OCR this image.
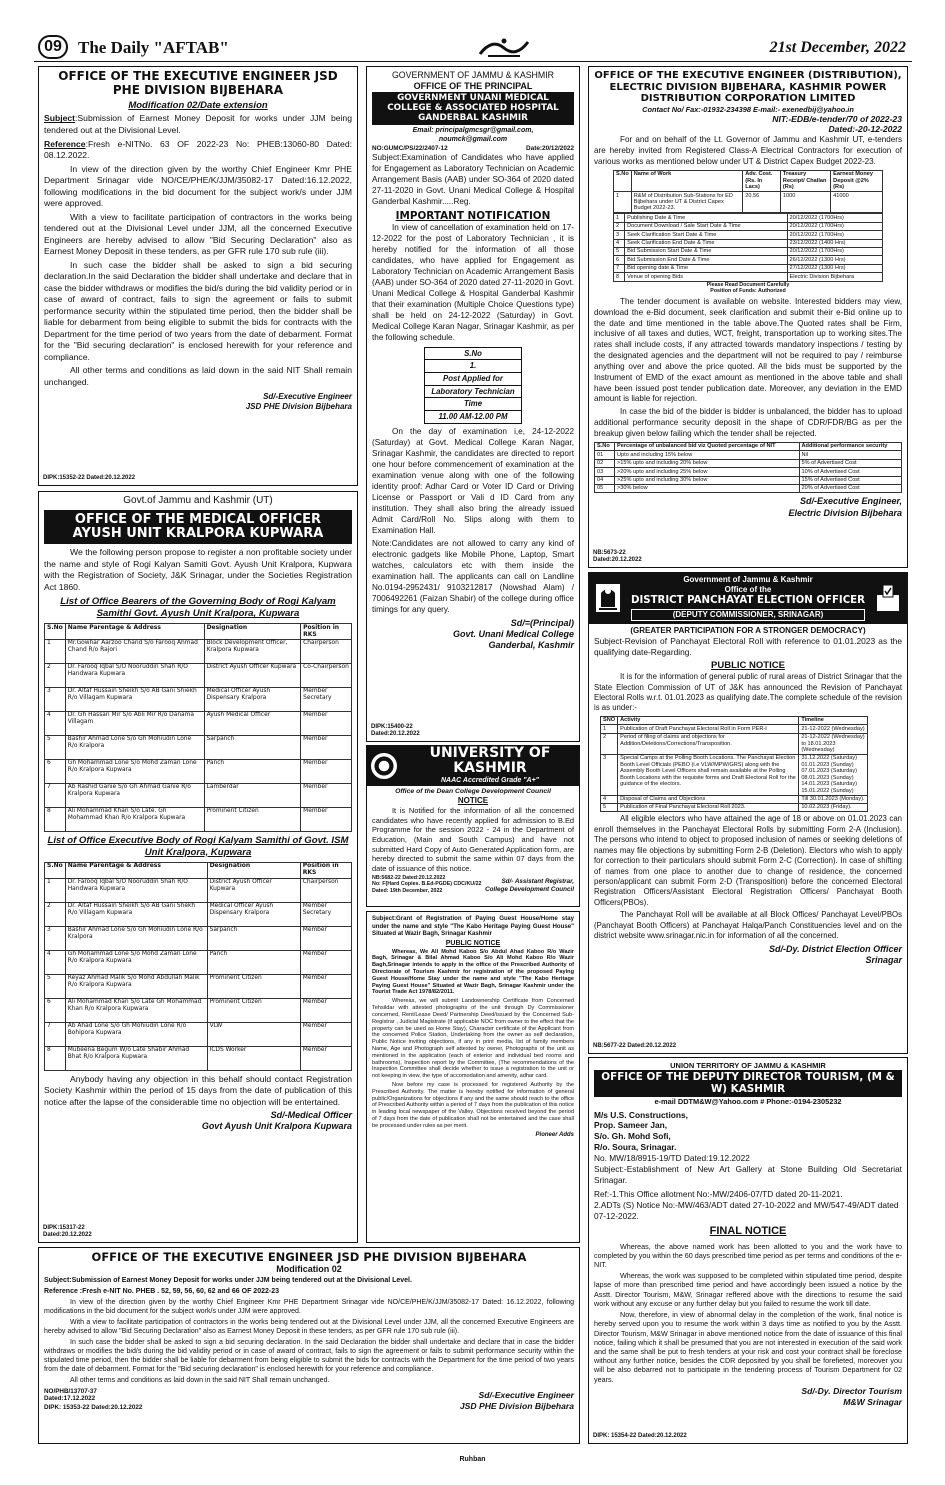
09 The Daily "AFTAB"	21st December, 2022
OFFICE OF THE EXECUTIVE ENGINEER JSD PHE DIVISION BIJBEHARA
Modification 02/Date extension

Subject:Submission of Earnest Money Deposit for works under JJM being tendered out at the Divisional Level.

Reference:Fresh e-NITNo. 63 OF 2022-23 No: PHEB:13060-80 Dated: 08.12.2022.

In view of the direction given by the worthy Chief Engineer Kmr PHE Department Srinagar vide NO/CE/PHE/K/JJM/35082-17 Dated:16.12.2022, following modifications in the bid document for the subject work/s under JJM were approved.

With a view to facilitate participation of contractors in the works being tendered out at the Divisional Level under JJM, all the concerned Executive Engineers are hereby advised to allow "Bid Securing Declaration" also as Earnest Money Deposit in these tenders, as per GFR rule 170 sub rule (iii).

In such case the bidder shall be asked to sign a bid securing declaration.In the said Declaration the bidder shall undertake and declare that in case the bidder withdraws or modifies the bid/s during the bid validity period or in case of award of contract, fails to sign the agreement or fails to submit performance security within the stipulated time period, then the bidder shall be liable for debarment from being eligible to submit the bids for contracts with the Department for the time period of two years from the date of debarment. Format for the "Bid securing declaration" is enclosed herewith for your reference and compliance.

All other terms and conditions as laid down in the said NIT Shall remain unchanged.

Sd/-Executive Engineer
JSD PHE Division Bijbehara
DIPK:15352-22 Dated:20.12.2022
Govt.of Jammu and Kashmir (UT)
OFFICE OF THE MEDICAL OFFICER AYUSH UNIT KRALPORA KUPWARA

We the following person propose to register a non profitable society under the name and style of Rogi Kalyan Samiti Govt. Ayush Unit Kralpora, Kupwara with the Registration of Society, J&K Srinagar, under the Societies Registration Act 1860.

List of Office Bearers of the Governing Body of Rogi Kalyam Samithi Govt. Ayush Unit Kralpora, Kupwara
S.No	Name Parentage & Address	Designation	Position in RKS
1	Mr.Gowhar Aarzoo Chand S/o Farooq Ahmad Chand R/o Rajori	Block Development Officer, Kralpora Kupwara	Chairperson
2	Dr. Farooq Iqbal S/O Nooruddin Shah R/O Handwara Kupwara	District Ayush Officer Kupwara	Co-Chairperson
3	Dr. Altaf Hussain Sheikh S/o AB Gani Shiekh R/o Villagam Kupwara	Medical Officer Ayush Dispensary Kralpora	Member Secretary
4	Dr. Gh Hassan Mir S/o Abli Mir R/o Danama Villagam	Ayush Medical Officer	Member
5	Bashir Ahmad Lone S/o Gh Mohiudin Lone R/o Kralpora	Sarpanch	Member
6	Gh Mohammad Lone S/o Mohd Zaman Lone R/o Kralpora Kupwara	Panch	Member
7	Ab Rashid Ganie S/o Gh Ahmad Ganie R/o Kralpora Kupwara	Lamberdar	Member
8	Ali Mohammad Khan S/o Late. Gh Mohammad Khan R/o Kralpora Kupwara	Prominent Citizen	Member
List of Office Executive Body of Rogi Kalyam Samithi of Govt. ISM Unit Kralpora, Kupwara
S.No	Name Parentage & Address	Designation	Position in RKS
1	Dr. Farooq Iqbal S/O Nooruddin Shah R/O Handwara Kupwara	District Ayush Officer Kupwara	Chairperson
2	Dr. Altaf Hussain Sheikh S/o AB Gani Shekh R/o Villagam Kupwara	Medical Officer Ayush Dispensary Kralpora	Member Secretary
3	Bashir Ahmad Lone S/o Gh Mohiudin Lone R/o Kralpora	Sarpanch	Member
4	Gh Mohammad Lone S/o Mohd Zaman Lone R/o Kralpora Kupwara	Panch	Member
5	Reyaz Ahmad Malik S/o Mohd Abdullah Malik R/o Kralpora Kupwara	Prominent Citizen	Member
6	Ali Mohammad Khan S/o Late Gh Mohammad Khan R/o Kralpora Kupwara	Prominent Citizen	Member
7	Ab Ahad Lone S/o Gh Mohiudin Lone R/o Bohipora Kupwara	VLW	Member
8	Mubeena Begum W/o Late Shabir Ahmad Bhat R/o Kralpora Kupwara	ICDS Worker	Member

Anybody having any objection in this behalf should contact Registration Society Kashmir within the period of 15 days from the date of publication of this notice after the lapse of the considerable time no objection will be entertained.

Sd/-Medical Officer
Govt Ayush Unit Kralpora Kupwara
DIPK:15317-22
Dated:20.12.2022
GOVERNMENT OF JAMMU & KASHMIR
OFFICE OF THE PRINCIPAL
GOVERNMENT UNANI MEDICAL COLLEGE & ASSOCIATED HOSPITAL GANDERBAL KASHMIR
Email: principalgmcsgr@gmail.com,
noumck@gmail.com
NO:GUMC/PS/22/2407-12	Date:20/12/2022

Subject:Examination of Candidates who have applied for Engagement as Laboratory Technician on Academic Arrangement Basis (AAB) under SO-364 of 2020 dated 27-11-2020 in Govt. Unani Medical College & Hospital Ganderbal Kashmir.....Reg.

IMPORTANT NOTIFICATION

In view of cancellation of examination held on 17-12-2022 for the post of Laboratory Technician , it is hereby notified for the information of all those candidates, who have applied for Engagement as Laboratory Technician on Academic Arrangement Basis (AAB) under SO-364 of 2020 dated 27-11-2020 in Govt. Unani Medical College & Hospital Ganderbal Kashmir that their examination (Multiple Choice Questions type) shall be held on 24-12-2022 (Saturday) in Govt. Medical College Karan Nagar, Srinagar Kashmir, as per the following schedule.

S.No
1.
Post Applied for
Laboratory Technician
Time
11.00 AM-12.00 PM

On the day of examination i,e, 24-12-2022 (Saturday) at Govt. Medical College Karan Nagar, Srinagar Kashmir, the candidates are directed to report one hour before commencement of examination at the examination venue along with one of the following identity proof: Adhar Card or Voter ID Card or Driving License or Passport or Vali d ID Card from any institution. They shall also bring the already issued Admit Card/Roll No. Slips along with them to Examination Hall.

Note:Candidates are not allowed to carry any kind of electronic gadgets like Mobile Phone, Laptop, Smart watches, calculators etc with them inside the examination hall. The applicants can call on Landline No.0194-2952431/ 9103212817 (Nowshad Alam) / 7006492261 (Faizan Shabir) of the college during office timings for any query.

Sd/=(Principal)
Govt. Unani Medical College
Ganderbal, Kashmir
DIPK:15400-22
Dated:20.12.2022
UNIVERSITY OF KASHMIR
NAAC Accredited Grade "A+"
Office of the Dean College Development Council
NOTICE

It is Notified for the information of all the concerned candidates who have recently applied for admission to B.Ed Programme for the session 2022 - 24 in the Department of Education, (Main and South Campus) and have not submitted Hard Copy of Auto Generated Application form, are hereby directed to submit the same within 07 days from the date of issuance of this notice.

NB:5682-22 Dated:20.12.2022
No: F(Hard Copies. B.Ed-PGDE) CDC/KU/22
Dated: 19th December, 2022
Sd/- Assistant Registrar,
College Development Council

Subject:Grant of Registration of Paying Guest House/Home stay under the name and style "The Kabo Heritage Paying Guest House" Situated at Wazir Bagh, Srinagar Kashmir

PUBLIC NOTICE

Whereas, We All Mohd Kaboo S/o Abdul Ahad Kaboo R/o Wazir Bagh, Srinagar & Bilal Ahmad Kaboo S/o Ali Mohd Kaboo R/o Wazir Bagh,Srinagar intends to apply in the office of the Prescribed Authority of Directorate of Tourism Kashmir for registration of the proposed Paying Guest House/Home Stay under the name and style "The Kabo Heritage Paying Guest House" Situated at Wazir Bagh, Srinagar Kashmir under the Tourist Trade Act 1978/82/2011.

Whereas, we will submit Landownership Certificate from Concerned Tehsildar with attested photographs of the unit through Dy Commissioner concerned, Rent/Lease Deed/ Partnership Deed/issued by the Concerned Sub-Registrar , Judicial Magistrate (if applicable NOC from owner to the effect that the property can be used as Home Stay), Character certificate of the Applicant from the concerned Police Station, Undertaking from the owner as self declaration, Public Notice inviting objections, if any in print media, list of family members Name, Age and Photograph self attested by owner, Photographs of the unit as mentioned in the application (each of exterior and individual bed rooms and bathrooms), Inspection report by the Committee, (The recommendations of the Inspection Committee shall decide whether to issue a registration to the unit or not keeping in view, the type of accomodation and amenity, adhar card.

Now before my case is processed for registered Authority by the Prescribed Authority. The matter is hereby notified for information of general public/Organizations for objections if any and the same should reach to the office of Prescribed Authority within a period of 7 days from the publication of this notice in leading local newspaper of the Valley. Objections received beyond the period of 7 days from the date of publication shall not be entertained and the case shall be processed under rules as per merit.

Pioneer Adds
OFFICE OF THE EXECUTIVE ENGINEER (DISTRIBUTION), ELECTRIC DIVISION BIJBEHARA, KASHMIR POWER DISTRIBUTION CORPORATION LIMITED
Contact No/ Fax:-01932-234398 E-mail:- exenedbij@yahoo.in
NIT:-EDB/e-tender/70 of 2022-23
Dated:-20-12-2022

For and on behalf of the Lt. Governor of Jammu and Kashmir UT, e-tenders are hereby invited from Registered Class-A Electrical Contractors for execution of various works as mentioned below under UT & District Capex Budget 2022-23.

S.No	Name of Work	Adv. Cost. (Rs. In Lacs)	Treasury Receipt/ Challan (Rs)	Earnest Money Deposit @2% (Rs)
1	R&M of Distribution Sub-Stations for ED Bijbehara under UT & District Capex Budget 2022-23.	20.56	1000	41000
1	Publishing Date & Time	20/12/2022 (1700Hrs)
2	Document Download / Sale Start Date & Time	20/12/2022 (1700Hrs)
3	Seek Clarification Start Date & Time	20/12/2022 (1700Hrs)
4	Seek Clarification End Date & Time	23/12/2022 (1400 Hrs)
5	Bid Submission Start Date & Time	20/12/2022 (1700Hrs)
6	Bid Submission End Date & Time	26/12/2022 (1300 Hrs)
7	Bid opening date & Time	27/12/2022 (1300 Hrs)
8	Venue of opening Bids	Electric Division Bijbehara
Please Read Document Carefully
Position of Funds: Authorized

The tender document is available on website. Interested bidders may view, download the e-Bid document, seek clarification and submit their e-Bid online up to the date and time mentioned in the table above.The Quoted rates shall be Firm, inclusive of all taxes and duties, WCT, freight, transportation up to working sites.The rates shall include costs, if any attracted towards mandatory inspections / testing by the designated agencies and the department will not be required to pay / reimburse anything over and above the price quoted. All the bids must be supported by the Instrument of EMD of the exact amount as mentioned in the above table and shall have been issued post tender publication date. Moreover, any deviation in the EMD amount is liable for rejection.

In case the bid of the bidder is bidder is unbalanced, the bidder has to upload additional performance security deposit in the shape of CDR/FDR/BG as per the breakup given below failing which the tender shall be rejected.

S.No	Percentage of unbalanced bid viz Quoted percentage of NIT	Additional performance security
01	Upto and including 15% below	Nil
02	>15% upto and including 20% below	5% of Advertised Cost
03	>20% upto and including 25% below	10% of Advertised Cost
04	>25% upto and including 30% below	15% of Advertised Cost
05	>30% below	20% of Advertised Cost
Sd/-Executive Engineer,
Electric Division Bijbehara
NB:5673-22
Dated:20.12.2022
Government of Jammu & Kashmir
Office of the
DISTRICT PANCHAYAT ELECTION OFFICER
(DEPUTY COMMISSIONER, SRINAGAR)
(GREATER PARTICIPATION FOR A STRONGER DEMOCRACY)

Subject-Revision of Panchayat Electoral Roll with reference to 01.01.2023 as the qualifying date-Regarding.

PUBLIC NOTICE

It is for the information of general public of rural areas of District Srinagar that the State Election Commission of UT of J&K has announced the Revision of Panchayat Electoral Rolls w.r.t. 01.01.2023 as qualifying date.The complete schedule of the revision is as under:-

SNO	Activity	Timeline
1	Publication of Draft Panchayat Electoral Roll in Form PER-I	21-12-2022 (Wednesday)
2	Period of filing of claims and objections for Addition/Deletions/Corrections/Transposition.	21-12-2022 (Wednesday) to 18.01.2023 (Wednesday)
3	Special Camps at the Polling Booth Locations. The Panchayat Election Booth Level Officials (PEBO (i.e VLW/MPW/GRS) along with the Assembly Booth Level Officers shall remain available at the Polling Booth Locations with the requisite forms and Draft Electoral Roll for the guidance of the electors.	31.12.2022 (Saturday) 01.01.2023 (Sunday) 07.01.2023 (Saturday) 08.01.2023 (Sunday) 14.01.2023 (Saturday) 15.01.2022 (Sunday)
4	Disposal of Claims and Objections	Till 30.01.2023 (Monday).
5	Publication of Final Panchayat Electoral Roll 2023.	10.02.2023 (Friday).

All eligible electors who have attained the age of 18 or above on 01.01.2023 can enroll themselves in the Panchayat Electoral Rolls by submitting Form 2-A (Inclusion). The persons who intend to object to proposed inclusion of names or seeking deletions of names may file objections by submitting Form 2-B (Deletion). Electors who wish to apply for correction to their particulars should submit Form 2-C (Correction). In case of shifting of names from one place to another due to change of residence, the concerned person/applicant can submit Form 2-D (Transposition) before the concerned Electoral Registration Officers/Assistant Electoral Registration Officers/ Panchayat Booth Officers(PBOs).

The Panchayat Roll will be available at all Block Offices/ Panchayat Level/PBOs (Panchayat Booth Officers) at Panchayat Halqa/Panch Constituencies level and on the district website www.srinagar.nic.in for information of all the concerned.

Sd/-Dy. District Election Officer
Srinagar
NB:5677-22 Dated:20.12.2022
UNION TERRITORY OF JAMMU & KASHMIR
OFFICE OF THE DEPUTY DIRECTOR TOURISM, (M & W) KASHMIR
e-mail DDTM&W@Yahoo.com # Phone:-0194-2305232
M/s U.S. Constructions,
Prop. Sameer Jan,
S/o. Gh. Mohd Sofi,
R/o. Soura, Srinagar.
No. MW/18/8915-19/TD Dated:19.12.2022

Subject:-Establishment of New Art Gallery at Stone Building Old Secretariat Srinagar.

Ref:-1.This Office allotment No:-MW/2406-07/TD dated 20-11-2021.
2.ADTs (S) Notice No:-MW/463/ADT dated 27-10-2022 and MW/547-49/ADT dated 07-12-2022.
FINAL NOTICE

Whereas, the above named work has been allotted to you and the work have to completed by you within the 60 days prescribed time period as per terms and conditions of the e-NIT.

Whereas, the work was supposed to be completed within stipulated time period, despite lapse of more than prescribed time period and have accordingly been issued a notice by the Asstt. Director Tourism, M&W, Srinagar reffered above with the directions to resume the said work without any excuse or any further delay but you failed to resume the work till date.

Now, therefore, in view of abnormal delay in the completion of the work, final notice is hereby served upon you to resume the work within 3 days time as notified to you by the Asstt. Director Tourism, M&W Srinagar in above mentioned notice from the date of issuance of this final notice, failing which it shall be presumed that you are not interested in execution of the said work and the same shall be put to fresh tenders at your risk and cost your contract shall be foreclose without any further notice, besides the CDR deposited by you shall be forefieted, moreover you will be also debarred not to participate in the tendering process of Tourism Department for 02 years.

Sd/-Dy. Director Tourism
M&W Srinagar
DIPK: 15354-22 Dated:20.12.2022
OFFICE OF THE EXECUTIVE ENGINEER JSD PHE DIVISION BIJBEHARA
Modification 02

Subject:Submission of Earnest Money Deposit for works under JJM being tendered out at the Divisional Level.

Reference :Fresh e-NIT No. PHEB . 52, 59, 56, 60, 62 and 66 OF 2022-23

In view of the direction given by the worthy Chief Engineer Kmr PHE Department Srinagar vide NO/CE/PHE/K/JJM/35082-17 Dated: 16.12.2022, following modifications in the bid document for the subject work/s under JJM were approved.

With a view to facilitate participation of contractors in the works being tendered out at the Divisional Level under JJM, all the concerned Executive Engineers are hereby advised to allow "Bid Securing Declaration" also as Earnest Money Deposit in these tenders, as per GFR rule 170 sub rule (iii).

In such case the bidder shall be asked to sign a bid securing declaration. In the said Declaration the bidder shall undertake and declare that in case the bidder withdraws or modifies the bid/s during the bid validity period or in case of award of contract, fails to sign the agreement or fails to submit performance security within the stipulated time period, then the bidder shall be liable for debarment from being eligible to submit the bids for contracts with the Department for the time period of two years from the date of debarment. Format for the "Bid securing declaration" is enclosed herewith for your reference and compliance.

All other terms and conditions as laid down in the said NIT Shall remain unchanged.

NO/PHB/13707-37
Dated:17.12.2022
DIPK: 15353-22 Dated:20.12.2022
Sd/-Executive Engineer
JSD PHE Division Bijbehara
Ruhban
